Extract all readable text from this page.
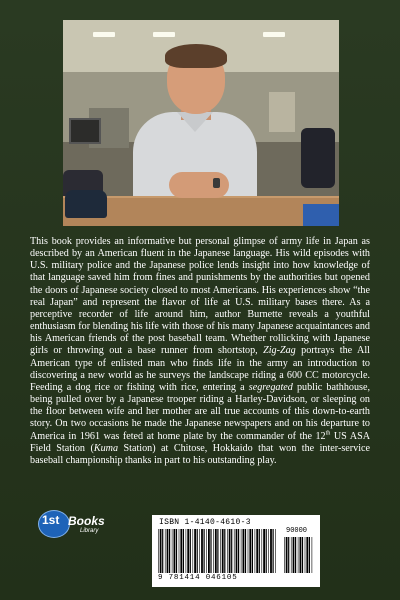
This book provides an informative but personal glimpse of army life in Japan as described by an American fluent in the Japanese language. His wild episodes with U.S. military police and the Japanese police lends insight into how knowledge of that language saved him from fines and punishments by the authorities but opened the doors of Japanese society closed to most Americans. His experiences show “the real Japan” and represent the flavor of life at U.S. military bases there. As a perceptive recorder of life around him, author Burnette reveals a youthful enthusiasm for blending his life with those of his many Japanese acquaintances and his American friends of the post baseball team. Whether rollicking with Japanese girls or throwing out a base runner from shortstop, Zig-Zag portrays the All American type of enlisted man who finds life in the army an introduction to discovering a new world as he surveys the landscape riding a 600 CC motorcycle. Feeding a dog rice or fishing with rice, entering a segregated public bathhouse, being pulled over by a Japanese trooper riding a Harley-Davidson, or sleeping on the floor between wife and her mother are all true accounts of this down-to-earth story. On two occasions he made the Japanese newspapers and on his departure to America in 1961 was feted at home plate by the commander of the 12th US ASA Field Station (Kuma Station) at Chitose, Hokkaido that won the inter-service baseball championship thanks in part to his outstanding play.

1st Books
Library
ISBN 1-4140-4610-3
90000
9 781414 046105
